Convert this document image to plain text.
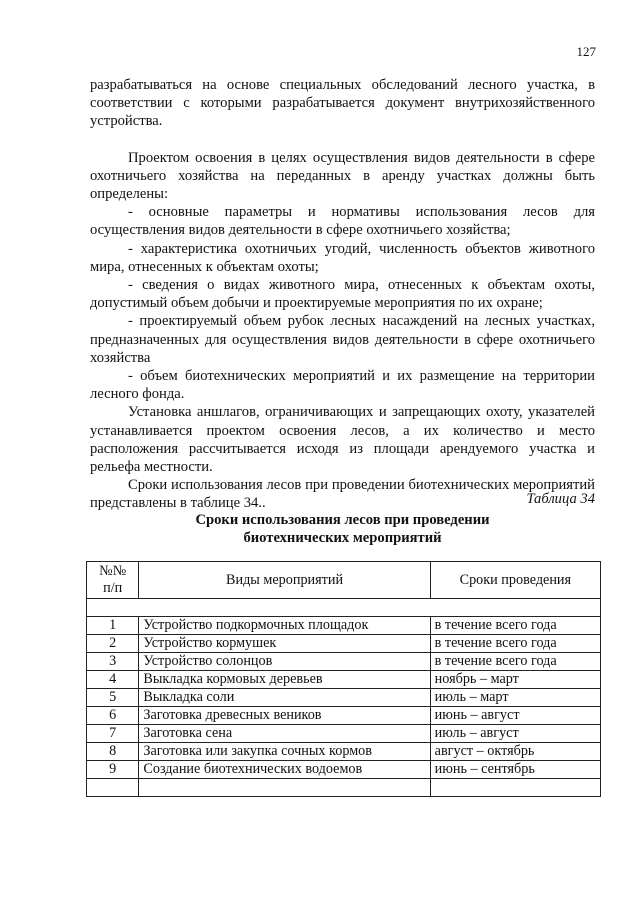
127

разрабатываться на основе специальных обследований лесного участка, в соответствии с которыми разрабатывается документ внутрихозяйственного устройства.

Проектом освоения в целях осуществления видов деятельности в сфере охотничьего хозяйства на переданных в аренду участках должны быть определены:

- основные параметры и нормативы использования лесов для осуществления видов деятельности в сфере охотничьего хозяйства;

- характеристика охотничьих угодий, численность объектов животного мира, отнесенных к объектам охоты;

- сведения о видах животного мира, отнесенных к объектам охоты, допустимый объем добычи и проектируемые мероприятия по их охране;

- проектируемый объем рубок лесных насаждений на лесных участках, предназначенных для осуществления видов деятельности в сфере охотничьего хозяйства

- объем биотехнических мероприятий и их размещение на территории лесного фонда.

Установка аншлагов, ограничивающих и запрещающих охоту, указателей устанавливается проектом освоения лесов, а их количество и место расположения рассчитывается исходя из площади арендуемого участка и рельефа местности.

Сроки использования лесов при проведении биотехнических мероприятий представлены в таблице 34..	Таблица 34
Сроки использования лесов при проведении
биотехнических мероприятий
№№
п/п	Виды мероприятий	Сроки проведения

1	Устройство подкормочных площадок	в течение всего года
2	Устройство кормушек	в течение всего года
3	Устройство солонцов	в течение всего года
4	Выкладка кормовых деревьев	ноябрь – март
5	Выкладка соли	июль – март
6	Заготовка древесных веников	июнь – август
7	Заготовка сена	июль – август
8	Заготовка или закупка сочных кормов	август – октябрь
9	Создание биотехнических водоемов	июнь – сентябрь
